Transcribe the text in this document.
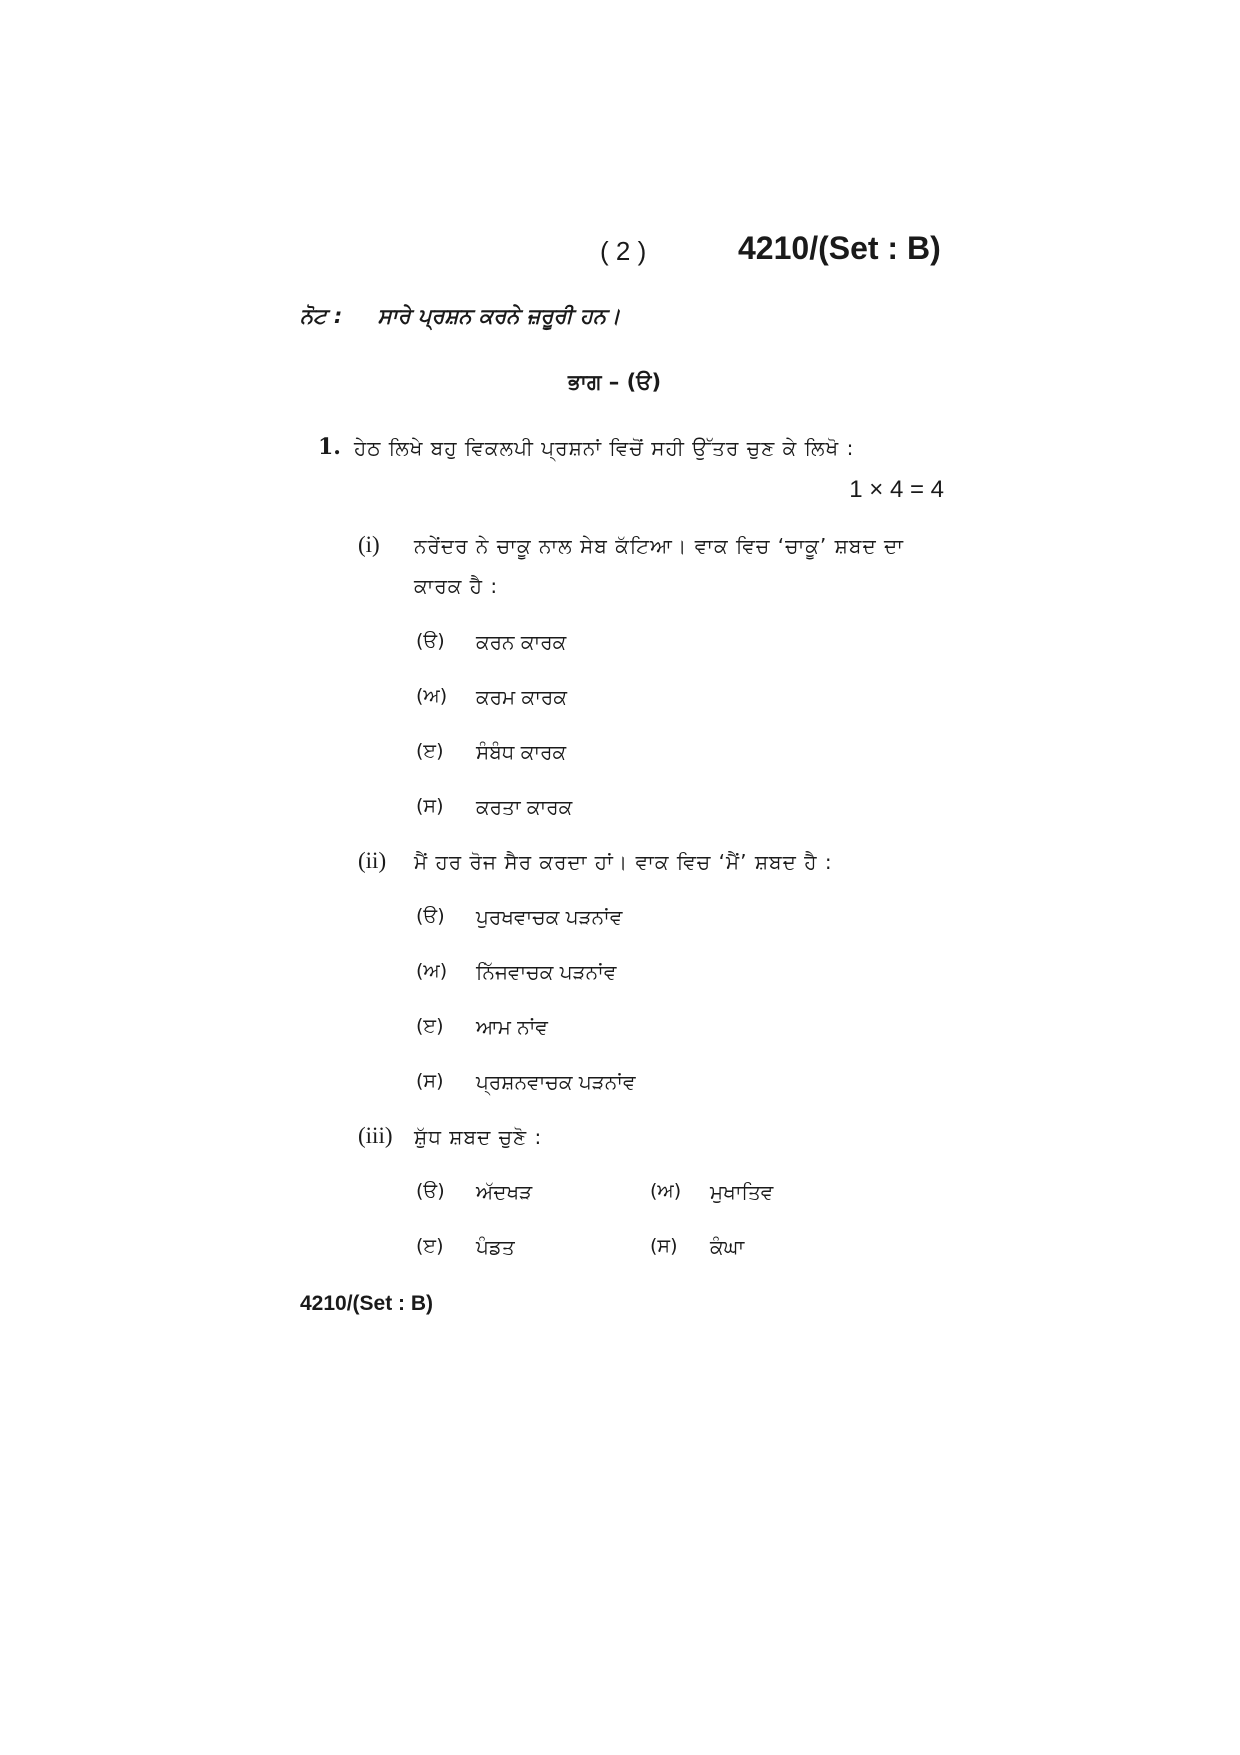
( 2 )	4210/(Set : B)
ਨੋਟ : ਸਾਰੇ ਪ੍ਰਸ਼ਨ ਕਰਨੇ ਜ਼ਰੂਰੀ ਹਨ।
ਭਾਗ – (ੳ)
1. ਹੇਠ ਲਿਖੇ ਬਹੁ ਵਿਕਲਪੀ ਪ੍ਰਸ਼ਨਾਂ ਵਿਚੋਂ ਸਹੀ ਉੱਤਰ ਚੁਣ ਕੇ ਲਿਖੋ :
1 × 4 = 4
(i) ਨਰੇਂਦਰ ਨੇ ਚਾਕੂ ਨਾਲ ਸੇਬ ਕੱਟਿਆ। ਵਾਕ ਵਿਚ ‘ਚਾਕੂ’ ਸ਼ਬਦ ਦਾ
ਕਾਰਕ ਹੈ :
(ੳ) ਕਰਨ ਕਾਰਕ
(ਅ) ਕਰਮ ਕਾਰਕ
(ੲ) ਸੰਬੰਧ ਕਾਰਕ
(ਸ) ਕਰਤਾ ਕਾਰਕ
(ii) ਮੈਂ ਹਰ ਰੋਜ ਸੈਰ ਕਰਦਾ ਹਾਂ। ਵਾਕ ਵਿਚ ‘ਮੈਂ’ ਸ਼ਬਦ ਹੈ :
(ੳ) ਪੁਰਖਵਾਚਕ ਪੜਨਾਂਵ
(ਅ) ਨਿੱਜਵਾਚਕ ਪੜਨਾਂਵ
(ੲ) ਆਮ ਨਾਂਵ
(ਸ) ਪ੍ਰਸ਼ਨਵਾਚਕ ਪੜਨਾਂਵ
(iii) ਸ਼ੁੱਧ ਸ਼ਬਦ ਚੁਣੋ :
(ੳ) ਅੱਦਖੜ	(ਅ) ਮੁਖਾਤਿਵ
(ੲ) ਪੰਡਤ	(ਸ) ਕੰਘਾ
4210/(Set : B)
